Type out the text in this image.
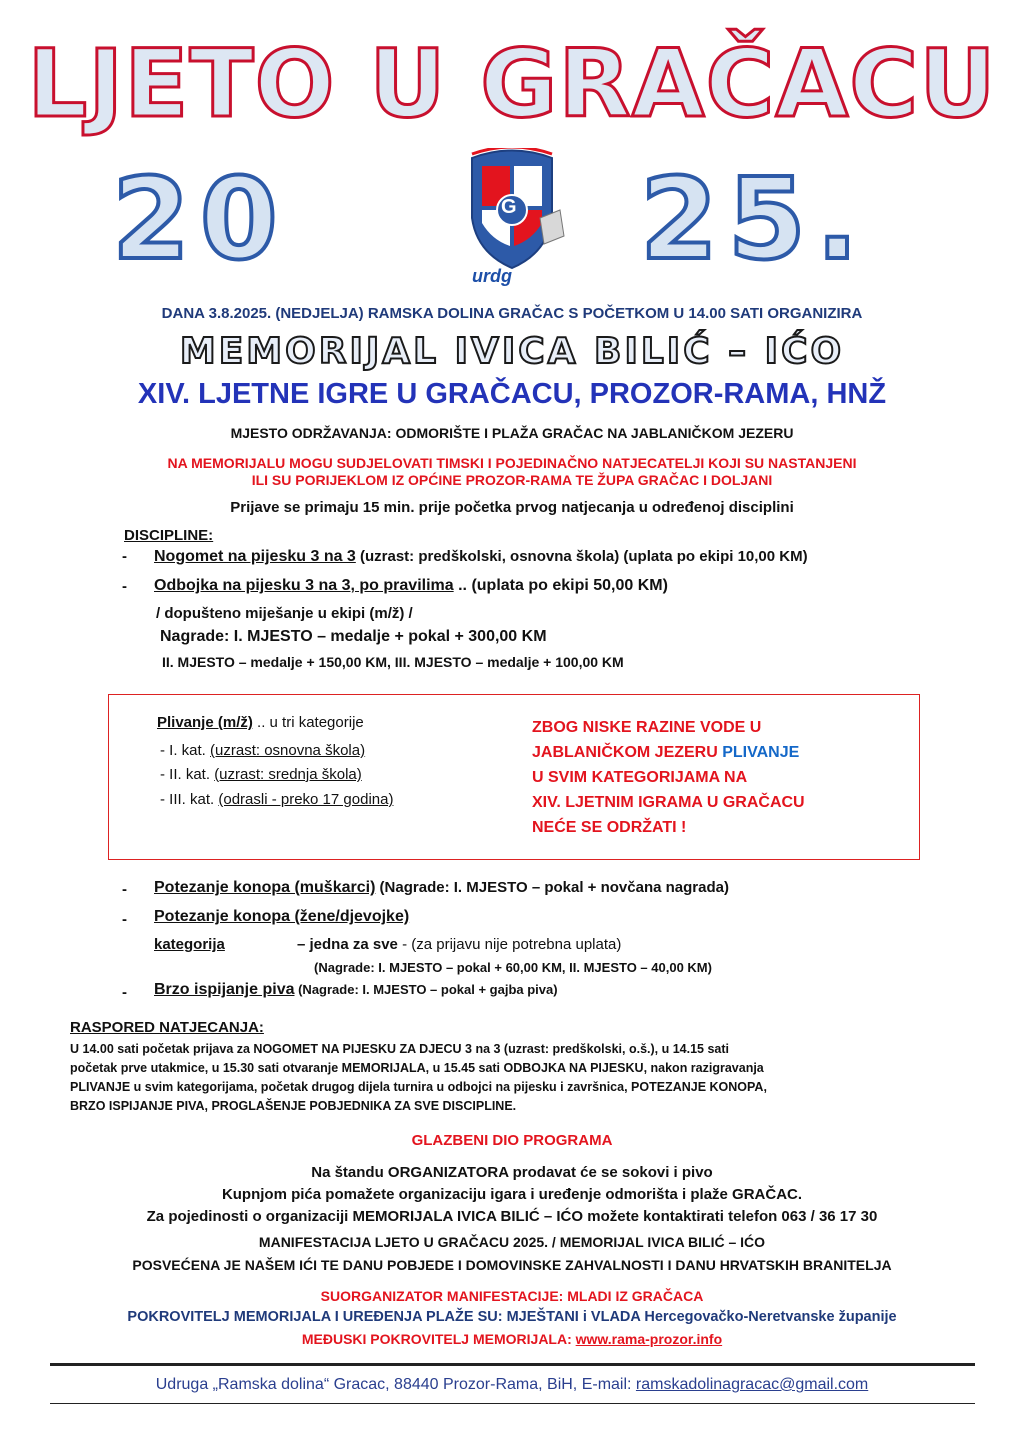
LJETO U GRAČACU
20	25.
G
urdg
DANA 3.8.2025. (NEDJELJA) RAMSKA DOLINA GRAČAC S POČETKOM U 14.00 SATI ORGANIZIRA
MEMORIJAL IVICA BILIĆ – IĆO
XIV. LJETNE IGRE U GRAČACU, PROZOR-RAMA, HNŽ
MJESTO ODRŽAVANJA: ODMORIŠTE I PLAŽA GRAČAC NA JABLANIČKOM JEZERU
NA MEMORIJALU MOGU SUDJELOVATI TIMSKI I POJEDINAČNO NATJECATELJI KOJI SU NASTANJENI
ILI SU PORIJEKLOM IZ OPĆINE PROZOR-RAMA TE ŽUPA GRAČAC I DOLJANI
Prijave se primaju 15 min. prije početka prvog natjecanja u određenoj disciplini
DISCIPLINE:
- Nogomet na pijesku 3 na 3 (uzrast: predškolski, osnovna škola) (uplata po ekipi 10,00 KM)
- Odbojka na pijesku 3 na 3, po pravilima .. (uplata po ekipi 50,00 KM)
/ dopušteno miješanje u ekipi (m/ž) /
Nagrade: I. MJESTO – medalje + pokal + 300,00 KM
II. MJESTO – medalje + 150,00 KM, III. MJESTO – medalje + 100,00 KM
Plivanje (m/ž) .. u tri kategorije
- I. kat. (uzrast: osnovna škola)
- II. kat. (uzrast: srednja škola)
- III. kat. (odrasli - preko 17 godina)
ZBOG NISKE RAZINE VODE U
JABLANIČKOM JEZERU PLIVANJE
U SVIM KATEGORIJAMA NA
XIV. LJETNIM IGRAMA U GRAČACU
NEĆE SE ODRŽATI !
- Potezanje konopa (muškarci) (Nagrade: I. MJESTO – pokal + novčana nagrada)
- Potezanje konopa (žene/djevojke)
kategorija	– jedna za sve - (za prijavu nije potrebna uplata)
(Nagrade: I. MJESTO – pokal + 60,00 KM, II. MJESTO – 40,00 KM)
- Brzo ispijanje piva (Nagrade: I. MJESTO – pokal + gajba piva)
RASPORED NATJECANJA:
U 14.00 sati početak prijava za NOGOMET NA PIJESKU ZA DJECU 3 na 3 (uzrast: predškolski, o.š.), u 14.15 sati
početak prve utakmice, u 15.30 sati otvaranje MEMORIJALA, u 15.45 sati ODBOJKA NA PIJESKU, nakon razigravanja
PLIVANJE u svim kategorijama, početak drugog dijela turnira u odbojci na pijesku i završnica, POTEZANJE KONOPA,
BRZO ISPIJANJE PIVA, PROGLAŠENJE POBJEDNIKA ZA SVE DISCIPLINE.
GLAZBENI DIO PROGRAMA
Na štandu ORGANIZATORA prodavat će se sokovi i pivo
Kupnjom pića pomažete organizaciju igara i uređenje odmorišta i plaže GRAČAC.
Za pojedinosti o organizaciji MEMORIJALA IVICA BILIĆ – IĆO možete kontaktirati telefon 063 / 36 17 30
MANIFESTACIJA LJETO U GRAČACU 2025. / MEMORIJAL IVICA BILIĆ – IĆO
POSVEĆENA JE NAŠEM IĆI TE DANU POBJEDE I DOMOVINSKE ZAHVALNOSTI I DANU HRVATSKIH BRANITELJA
SUORGANIZATOR MANIFESTACIJE: MLADI IZ GRAČACA
POKROVITELJ MEMORIJALA I UREĐENJA PLAŽE SU: MJEŠTANI i VLADA Hercegovačko-Neretvanske županije
MEĐUSKI POKROVITELJ MEMORIJALA: www.rama-prozor.info
Udruga „Ramska dolina“ Gracac, 88440 Prozor-Rama, BiH, E-mail: ramskadolinagracac@gmail.com
